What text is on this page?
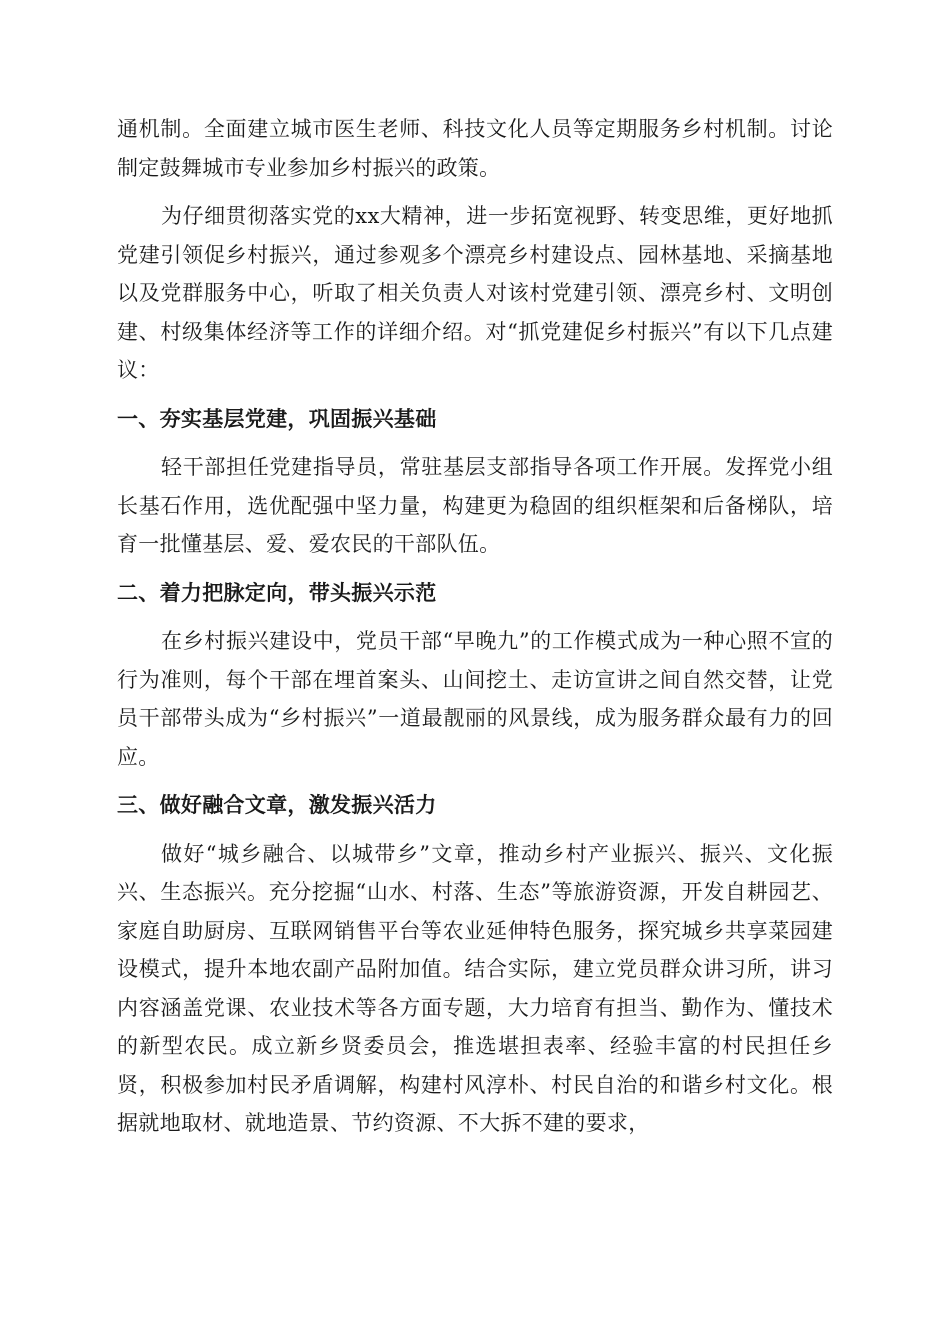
通机制。全面建立城市医生老师、科技文化人员等定期服务乡村机制。讨论制定鼓舞城市专业参加乡村振兴的政策。

为仔细贯彻落实党的xx大精神，进一步拓宽视野、转变思维，更好地抓党建引领促乡村振兴，通过参观多个漂亮乡村建设点、园林基地、采摘基地以及党群服务中心，听取了相关负责人对该村党建引领、漂亮乡村、文明创建、村级集体经济等工作的详细介绍。对“抓党建促乡村振兴”有以下几点建议：

一、夯实基层党建，巩固振兴基础

轻干部担任党建指导员，常驻基层支部指导各项工作开展。发挥党小组长基石作用，选优配强中坚力量，构建更为稳固的组织框架和后备梯队，培育一批懂基层、爱、爱农民的干部队伍。

二、着力把脉定向，带头振兴示范

在乡村振兴建设中，党员干部“早晚九”的工作模式成为一种心照不宣的行为准则，每个干部在埋首案头、山间挖土、走访宣讲之间自然交替，让党员干部带头成为“乡村振兴”一道最靓丽的风景线，成为服务群众最有力的回应。

三、做好融合文章，激发振兴活力

做好“城乡融合、以城带乡”文章，推动乡村产业振兴、振兴、文化振兴、生态振兴。充分挖掘“山水、村落、生态”等旅游资源，开发自耕园艺、家庭自助厨房、互联网销售平台等农业延伸特色服务，探究城乡共享菜园建设模式，提升本地农副产品附加值。结合实际，建立党员群众讲习所，讲习内容涵盖党课、农业技术等各方面专题，大力培育有担当、勤作为、懂技术的新型农民。成立新乡贤委员会，推选堪担表率、经验丰富的村民担任乡贤，积极参加村民矛盾调解，构建村风淳朴、村民自治的和谐乡村文化。根据就地取材、就地造景、节约资源、不大拆不建的要求，
